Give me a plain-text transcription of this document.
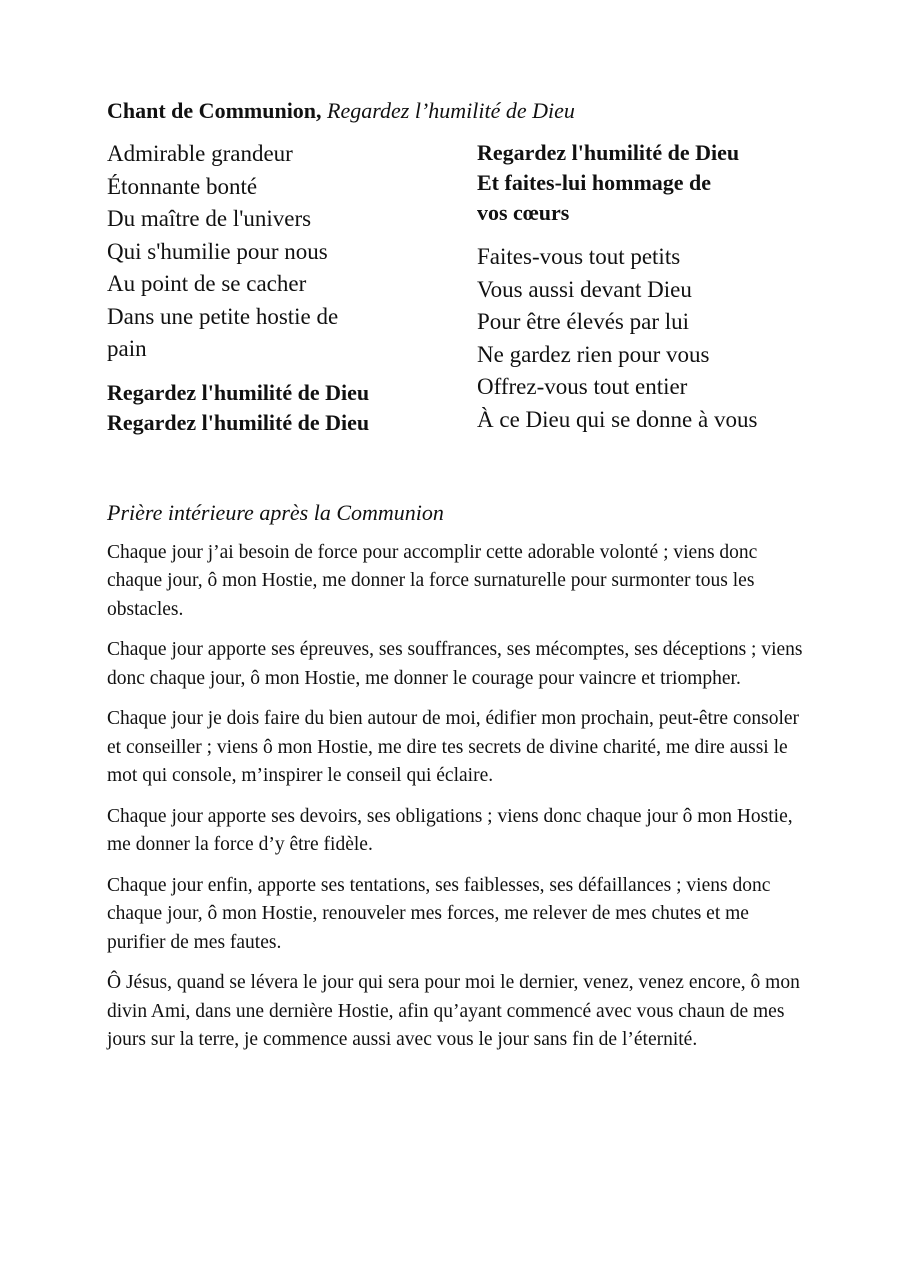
Chant de Communion, Regardez l’humilité de Dieu
Admirable grandeur
Étonnante bonté
Du maître de l'univers
Qui s'humilie pour nous
Au point de se cacher
Dans une petite hostie de
pain
Regardez l'humilité de Dieu
Regardez l'humilité de Dieu
Regardez l'humilité de Dieu
Et faites-lui hommage de
vos cœurs
Faites-vous tout petits
Vous aussi devant Dieu
Pour être élevés par lui
Ne gardez rien pour vous
Offrez-vous tout entier
À ce Dieu qui se donne à vous
Prière intérieure après la Communion

Chaque jour j’ai besoin de force pour accomplir cette adorable volonté ; viens donc chaque jour, ô mon Hostie, me donner la force surnaturelle pour surmonter tous les obstacles.

Chaque jour apporte ses épreuves, ses souffrances, ses mécomptes, ses déceptions ; viens donc chaque jour, ô mon Hostie, me donner le courage pour vaincre et triompher.

Chaque jour je dois faire du bien autour de moi, édifier mon prochain, peut-être consoler et conseiller ; viens ô mon Hostie, me dire tes secrets de divine charité, me dire aussi le mot qui console, m’inspirer le conseil qui éclaire.

Chaque jour apporte ses devoirs, ses obligations ; viens donc chaque jour ô mon Hostie, me donner la force d’y être fidèle.

Chaque jour enfin, apporte ses tentations, ses faiblesses, ses défaillances ; viens donc chaque jour, ô mon Hostie, renouveler mes forces, me relever de mes chutes et me purifier de mes fautes.

Ô Jésus, quand se lévera le jour qui sera pour moi le dernier, venez, venez encore, ô mon divin Ami, dans une dernière Hostie, afin qu’ayant commencé avec vous chaun de mes jours sur la terre, je commence aussi avec vous le jour sans fin de l’éternité.
